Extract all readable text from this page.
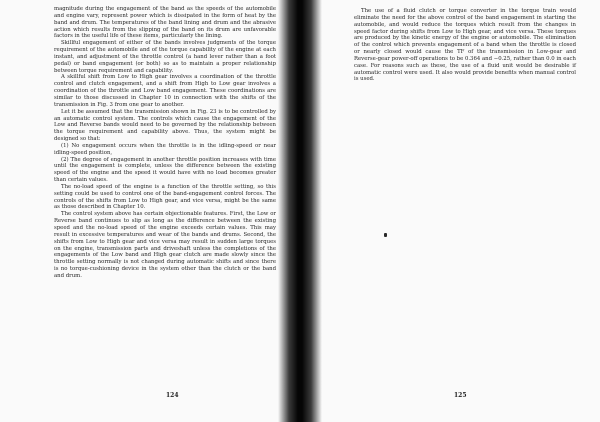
magnitude during the engagement of the band as the speeds of the automobile and engine vary, represent power which is dissipated in the form of heat by the band and drum. The temperatures of the band lining and drum and the abrasive action which results from the slipping of the band on its drum are unfavorable factors in the useful life of these items, particularly the lining.

Skillful engagement of either of the bands involves judgments of the torque requirement of the automobile and of the torque capability of the engine at each instant, and adjustment of the throttle control (a hand lever rather than a foot pedal) or band engagement (or both) so as to maintain a proper relationship between torque requirement and capability.

A skillful shift from Low to High gear involves a coordination of the throttle control and clutch engagement, and a shift from High to Low gear involves a coordination of the throttle and Low band engagement. These coordinations are similar to those discussed in Chapter 10 in connection with the shifts of the transmission in Fig. 3 from one gear to another.

Let it be assumed that the transmission shown in Fig. 23 is to be controlled by an automatic control system. The controls which cause the engagement of the Low and Reverse bands would need to be governed by the relationship between the torque requirement and capability above. Thus, the system might be designed so that:

(1) No engagement occurs when the throttle is in the idling-speed or near idling-speed position,

(2) The degree of engagement in another throttle position increases with time until the engagement is complete, unless the difference between the existing speed of the engine and the speed it would have with no load becomes greater than certain values.

The no-load speed of the engine is a function of the throttle setting, so this setting could be used to control one of the band-engagement control forces. The controls of the shifts from Low to High gear, and vice versa, might be the same as those described in Chapter 10.

The control system above has certain objectionable features. First, the Low or Reverse band continues to slip as long as the difference between the existing speed and the no-load speed of the engine exceeds certain values. This may result in excessive temperatures and wear of the bands and drums. Second, the shifts from Low to High gear and vice versa may result in sudden large torques on the engine, transmission parts and driveshaft unless the completions of the engagements of the Low band and High gear clutch are made slowly since the throttle setting normally is not changed during automatic shifts and since there is no torque-cushioning device in the system other than the clutch or the band and drum.

124

The use of a fluid clutch or torque converter in the torque train would eliminate the need for the above control of the band engagement in starting the automobile, and would reduce the torques which result from the changes in speed factor during shifts from Low to High gear, and vice versa. These torques are produced by the kinetic energy of the engine or automobile. The elimination of the control which prevents engagement of a band when the throttle is closed or nearly closed would cause the TF of the transmission in Low-gear and Reverse-gear power-off operations to be 0.364 and −0.25, rather than 0.0 in each case. For reasons such as these, the use of a fluid unit would be desirable if automatic control were used. It also would provide benefits when manual control is used.

125
